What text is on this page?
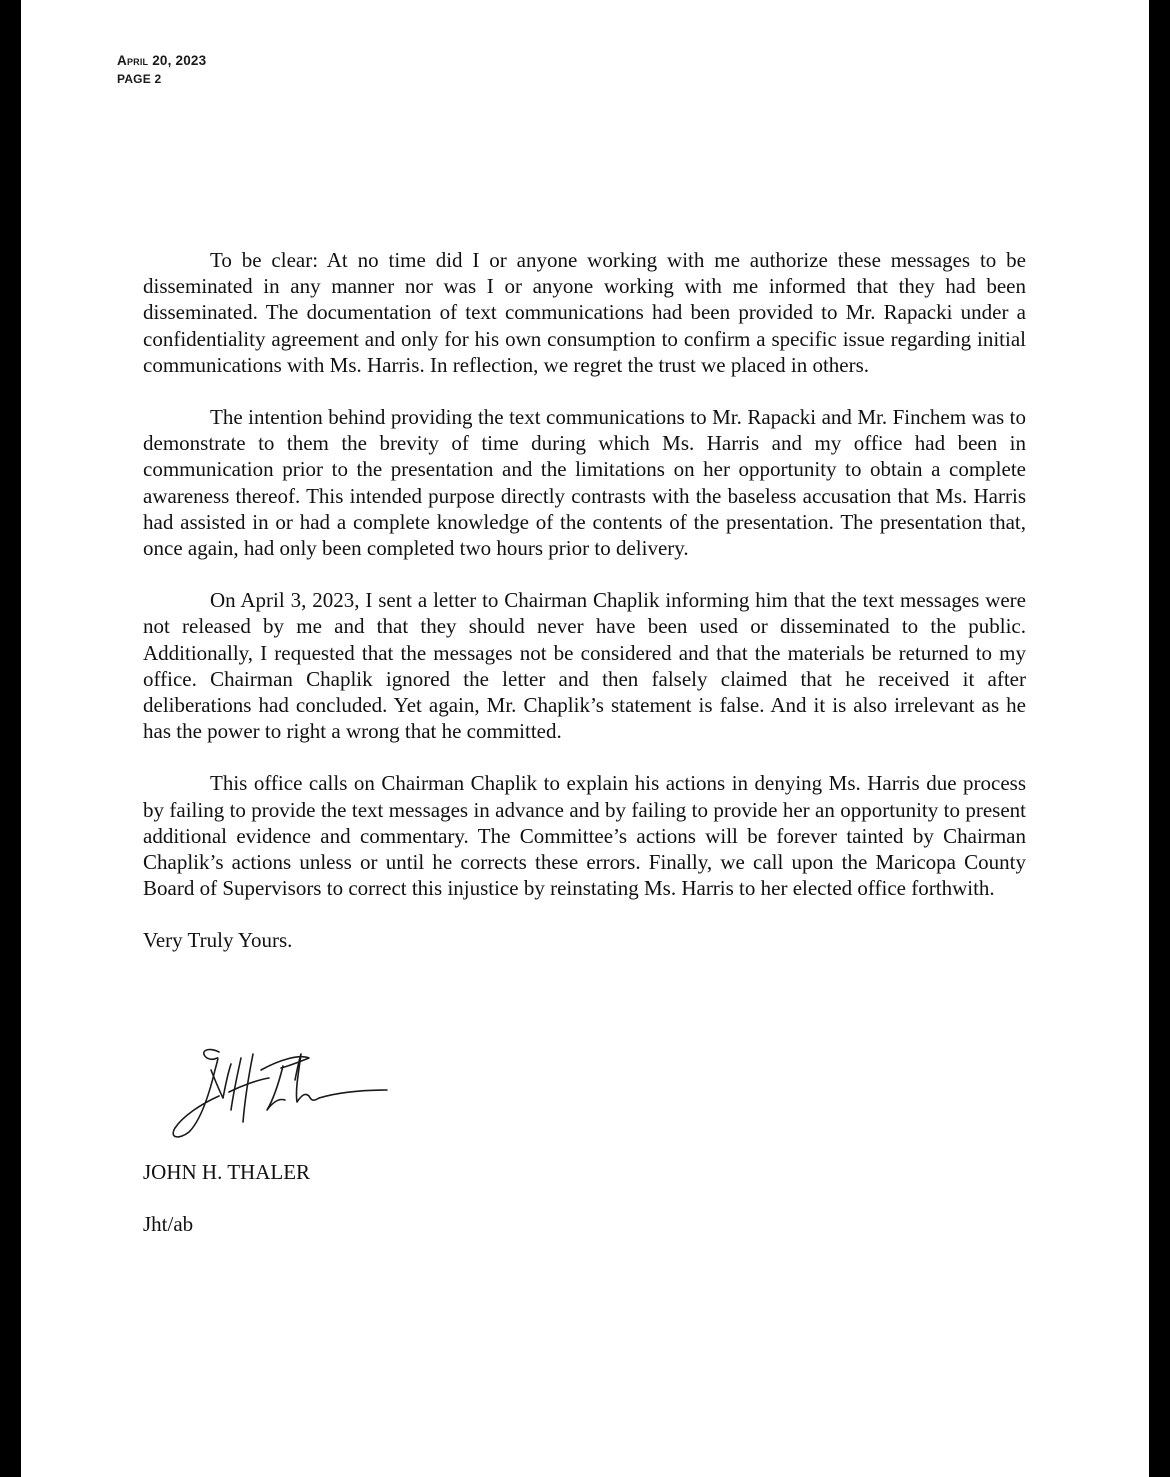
April 20, 2023
PAGE 2

To be clear: At no time did I or anyone working with me authorize these messages to be disseminated in any manner nor was I or anyone working with me informed that they had been disseminated. The documentation of text communications had been provided to Mr. Rapacki under a confidentiality agreement and only for his own consumption to confirm a specific issue regarding initial communications with Ms. Harris. In reflection, we regret the trust we placed in others.

The intention behind providing the text communications to Mr. Rapacki and Mr. Finchem was to demonstrate to them the brevity of time during which Ms. Harris and my office had been in communication prior to the presentation and the limitations on her opportunity to obtain a complete awareness thereof. This intended purpose directly contrasts with the baseless accusation that Ms. Harris had assisted in or had a complete knowledge of the contents of the presentation. The presentation that, once again, had only been completed two hours prior to delivery.

On April 3, 2023, I sent a letter to Chairman Chaplik informing him that the text messages were not released by me and that they should never have been used or disseminated to the public. Additionally, I requested that the messages not be considered and that the materials be returned to my office. Chairman Chaplik ignored the letter and then falsely claimed that he received it after deliberations had concluded. Yet again, Mr. Chaplik’s statement is false. And it is also irrelevant as he has the power to right a wrong that he committed.

This office calls on Chairman Chaplik to explain his actions in denying Ms. Harris due process by failing to provide the text messages in advance and by failing to provide her an opportunity to present additional evidence and commentary. The Committee’s actions will be forever tainted by Chairman Chaplik’s actions unless or until he corrects these errors. Finally, we call upon the Maricopa County Board of Supervisors to correct this injustice by reinstating Ms. Harris to her elected office forthwith.

Very Truly Yours.

JOHN H. THALER
Jht/ab
